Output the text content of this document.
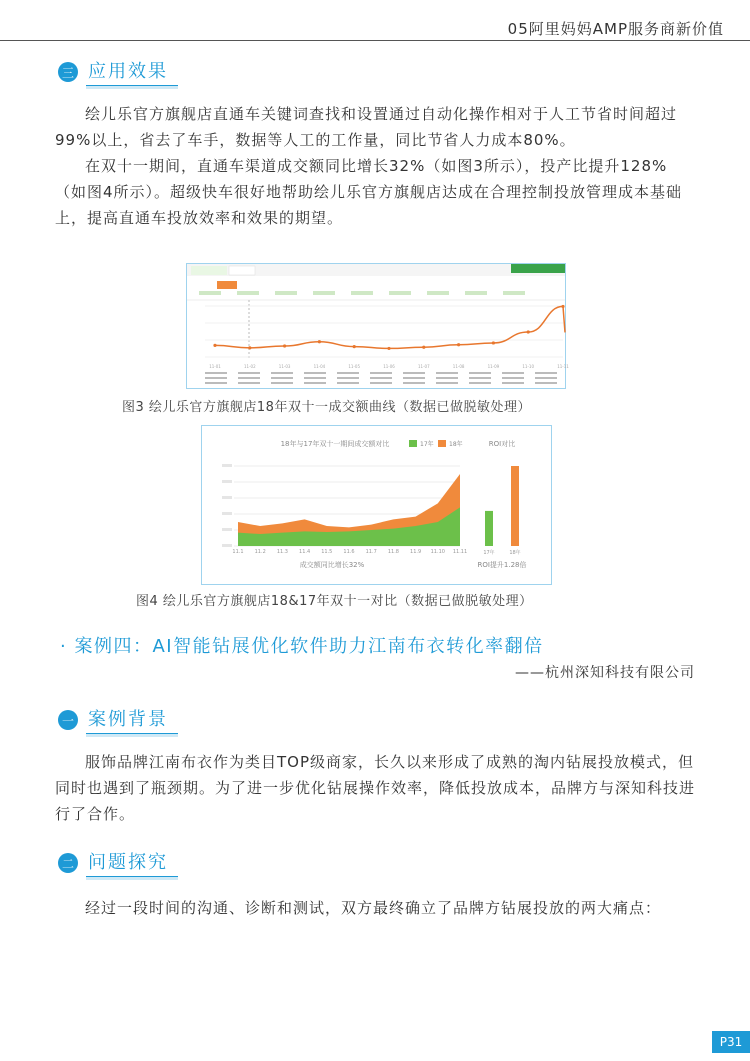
05阿里妈妈AMP服务商新价值
三 应用效果

绘儿乐官方旗舰店直通车关键词查找和设置通过自动化操作相对于人工节省时间超过99%以上，省去了车手，数据等人工的工作量，同比节省人力成本80%。

在双十一期间，直通车渠道成交额同比增长32%（如图3所示），投产比提升128%（如图4所示）。超级快车很好地帮助绘儿乐官方旗舰店达成在合理控制投放管理成本基础上，提高直通车投放效率和效果的期望。

11-01	11-02	11-03	11-04	11-05	11-06	11-07	11-08	11-09	11-10	11-11
图3 绘儿乐官方旗舰店18年双十一成交额曲线（数据已做脱敏处理）
18年与17年双十一期间成交额对比	17年	18年	ROI对比
11.1 11.2 11.3 11.4 11.5 11.6 11.7 11.8 11.9 11.10 11.11
成交额同比增长32%
17年	18年
ROI提升1.28倍
图4 绘儿乐官方旗舰店18&17年双十一对比（数据已做脱敏处理）
· 案例四：AI智能钻展优化软件助力江南布衣转化率翻倍
——杭州深知科技有限公司
一 案例背景

服饰品牌江南布衣作为类目TOP级商家，长久以来形成了成熟的淘内钻展投放模式，但同时也遇到了瓶颈期。为了进一步优化钻展操作效率，降低投放成本，品牌方与深知科技进行了合作。

二 问题探究

经过一段时间的沟通、诊断和测试，双方最终确立了品牌方钻展投放的两大痛点：

P31
